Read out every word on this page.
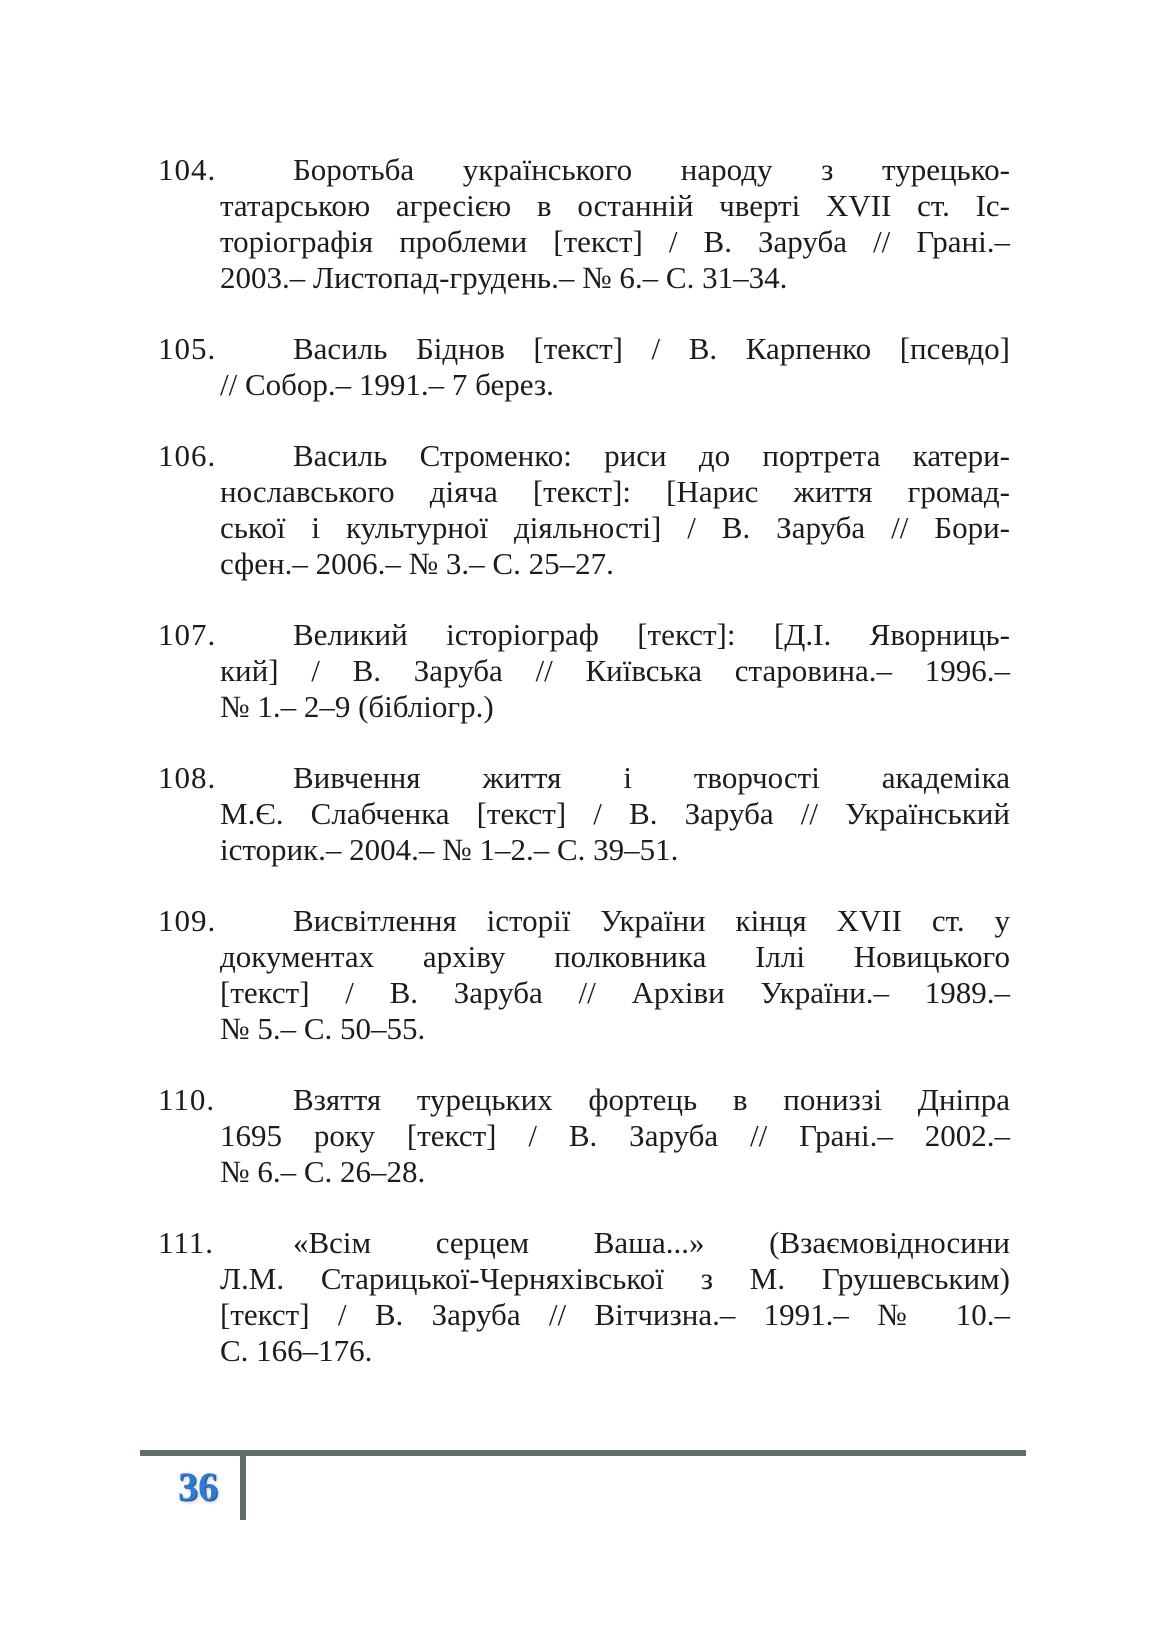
104.	Боротьба українського народу з турецько-
татарською агресією в останній чверті XVII ст. Іс-
торіографія проблеми [текст] / В. Заруба // Грані.–
2003.– Листопад-грудень.– № 6.– С. 31–34.
105.	Василь Біднов [текст] / В. Карпенко [псевдо]
// Собор.– 1991.– 7 берез.
106.	Василь Строменко: риси до портрета катери-
нославського діяча [текст]: [Нарис життя громад-
ської і культурної діяльності] / В. Заруба // Бори-
сфен.– 2006.– № 3.– С. 25–27.
107.	Великий історіограф [текст]: [Д.І. Яворниць-
кий] / В. Заруба // Київська старовина.– 1996.–
№ 1.– 2–9 (бібліогр.)
108.	Вивчення життя і творчості академіка
М.Є. Слабченка [текст] / В. Заруба // Український
історик.– 2004.– № 1–2.– С. 39–51.
109.	Висвітлення історії України кінця XVII ст. у
документах архіву полковника Іллі Новицького
[текст] / В. Заруба // Архіви України.– 1989.–
№ 5.– С. 50–55.
110.	Взяття турецьких фортець в пониззі Дніпра
1695 року [текст] / В. Заруба // Грані.– 2002.–
№ 6.– С. 26–28.
111.	«Всім серцем Ваша...» (Взаємовідносини
Л.М. Старицької-Черняхівської з М. Грушевським)
[текст] / В. Заруба // Вітчизна.– 1991.– № 10.–
С. 166–176.
36
